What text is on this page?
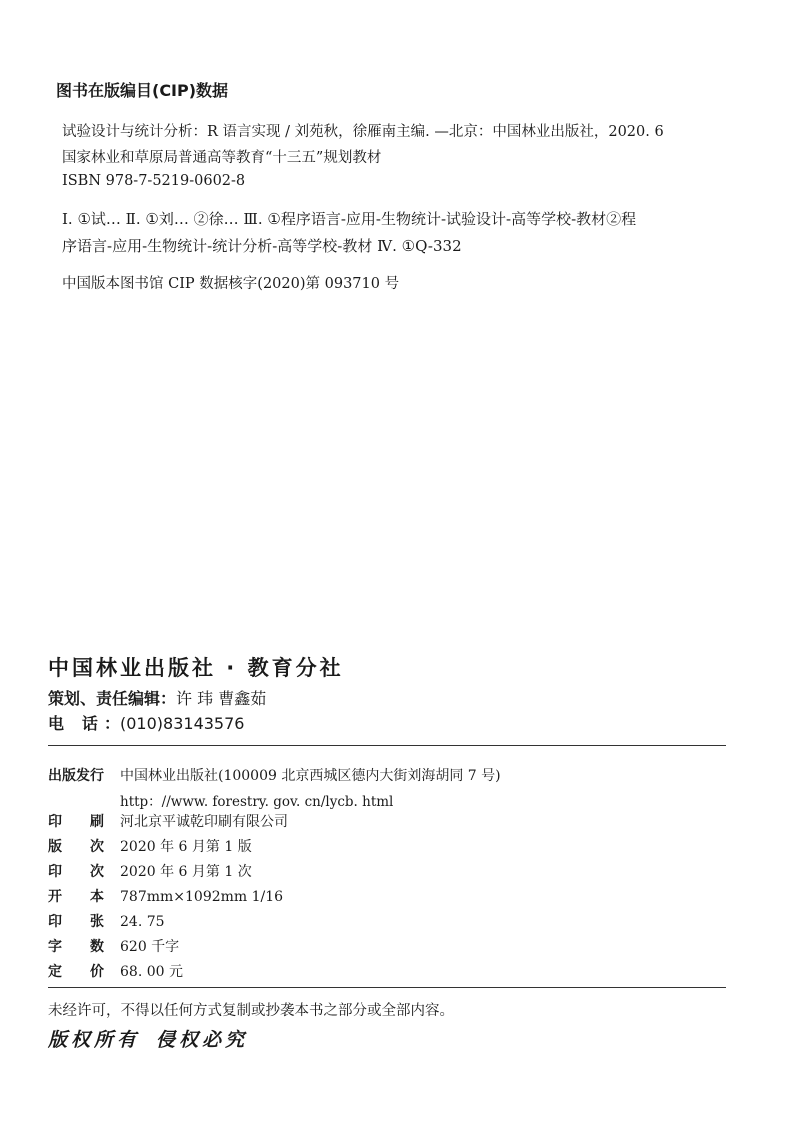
图书在版编目(CIP)数据
试验设计与统计分析：R 语言实现 / 刘苑秋，徐雁南主编. —北京：中国林业出版社，2020. 6
国家林业和草原局普通高等教育“十三五”规划教材
ISBN 978-7-5219-0602-8
Ⅰ. ①试… Ⅱ. ①刘… ②徐… Ⅲ. ①程序语言-应用-生物统计-试验设计-高等学校-教材②程
序语言-应用-生物统计-统计分析-高等学校-教材 Ⅳ. ①Q-332
中国版本图书馆 CIP 数据核字(2020)第 093710 号
中国林业出版社 · 教育分社
策划、责任编辑：许 玮 曹鑫茹
电 话：(010)83143576
出版发行 中国林业出版社(100009 北京西城区德内大街刘海胡同 7 号)
http：//www. forestry. gov. cn/lycb. html
印刷 河北京平诚乾印刷有限公司
版次 2020 年 6 月第 1 版
印次 2020 年 6 月第 1 次
开本 787mm×1092mm 1/16
印张 24. 75
字数 620 千字
定价 68. 00 元
未经许可，不得以任何方式复制或抄袭本书之部分或全部内容。
版权所有 侵权必究
